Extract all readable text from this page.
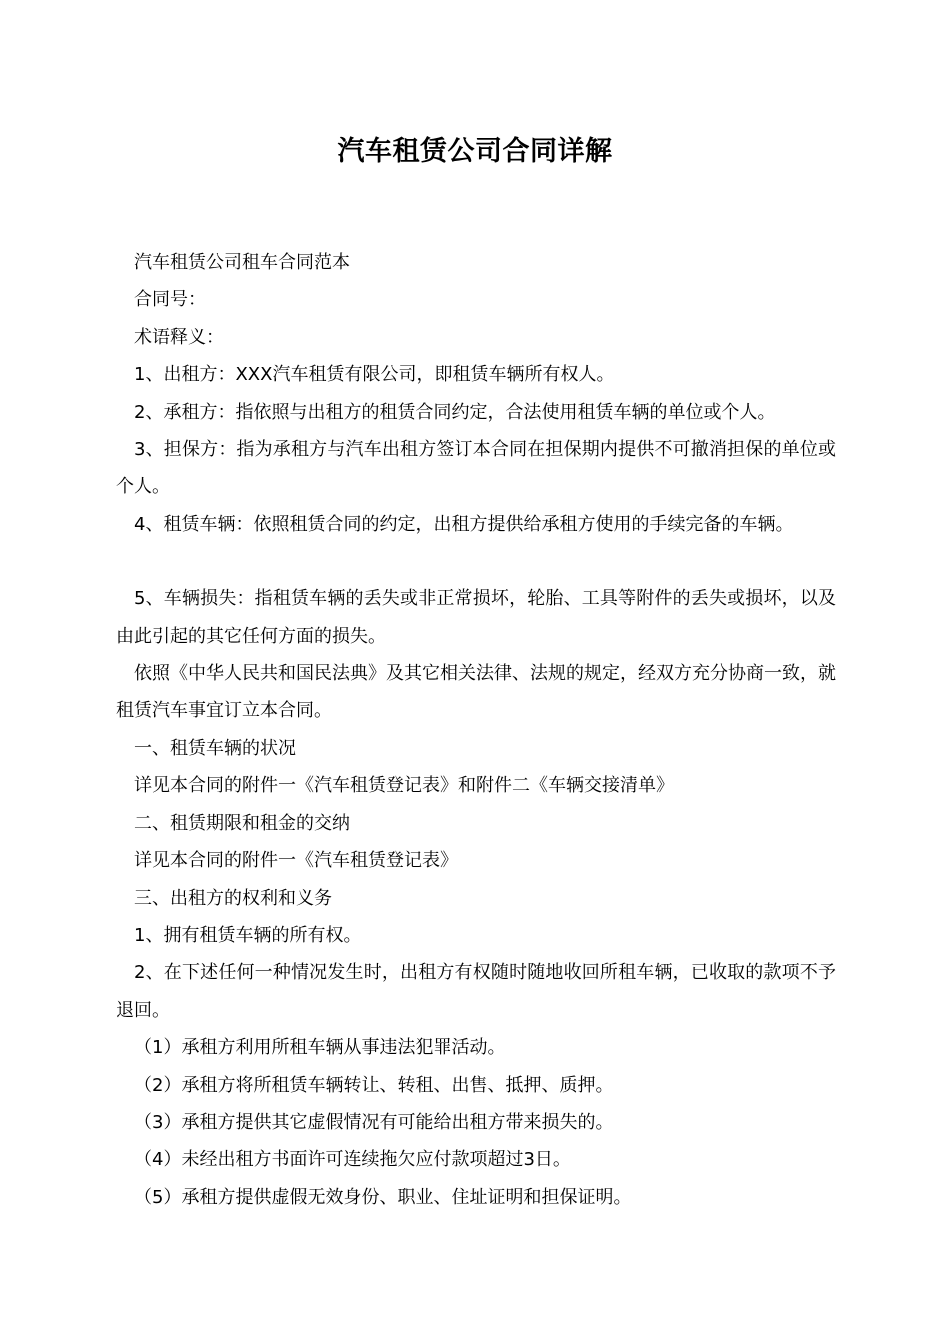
汽车租赁公司合同详解

汽车租赁公司租车合同范本

合同号：

术语释义：

1、出租方：XXX汽车租赁有限公司，即租赁车辆所有权人。

2、承租方：指依照与出租方的租赁合同约定，合法使用租赁车辆的单位或个人。

3、担保方：指为承租方与汽车出租方签订本合同在担保期内提供不可撤消担保的单位或个人。

4、租赁车辆：依照租赁合同的约定，出租方提供给承租方使用的手续完备的车辆。

5、车辆损失：指租赁车辆的丢失或非正常损坏，轮胎、工具等附件的丢失或损坏，以及由此引起的其它任何方面的损失。

依照《中华人民共和国民法典》及其它相关法律、法规的规定，经双方充分协商一致，就租赁汽车事宜订立本合同。

一、租赁车辆的状况

详见本合同的附件一《汽车租赁登记表》和附件二《车辆交接清单》

二、租赁期限和租金的交纳

详见本合同的附件一《汽车租赁登记表》

三、出租方的权利和义务

1、拥有租赁车辆的所有权。

2、在下述任何一种情况发生时，出租方有权随时随地收回所租车辆，已收取的款项不予退回。

（1）承租方利用所租车辆从事违法犯罪活动。

（2）承租方将所租赁车辆转让、转租、出售、抵押、质押。

（3）承租方提供其它虚假情况有可能给出租方带来损失的。

（4）未经出租方书面许可连续拖欠应付款项超过3日。

（5）承租方提供虚假无效身份、职业、住址证明和担保证明。
